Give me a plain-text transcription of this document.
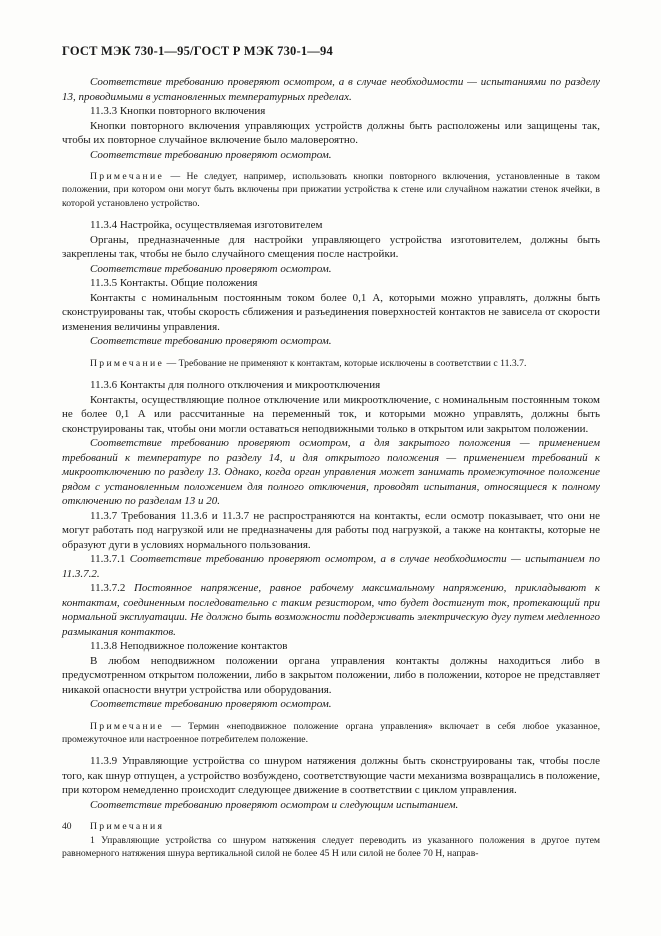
ГОСТ МЭК 730-1—95/ГОСТ Р МЭК 730-1—94

Соответствие требованию проверяют осмотром, а в случае необходимости — испытаниями по разделу 13, проводимыми в установленных температурных пределах.

11.3.3 Кнопки повторного включения

Кнопки повторного включения управляющих устройств должны быть расположены или защищены так, чтобы их повторное случайное включение было маловероятно.

Соответствие требованию проверяют осмотром.

Примечание — Не следует, например, использовать кнопки повторного включения, установленные в таком положении, при котором они могут быть включены при прижатии устройства к стене или случайном нажатии стенок ячейки, в которой установлено устройство.

11.3.4 Настройка, осуществляемая изготовителем

Органы, предназначенные для настройки управляющего устройства изготовителем, должны быть закреплены так, чтобы не было случайного смещения после настройки.

Соответствие требованию проверяют осмотром.

11.3.5 Контакты. Общие положения

Контакты с номинальным постоянным током более 0,1 А, которыми можно управлять, должны быть сконструированы так, чтобы скорость сближения и разъединения поверхностей контактов не зависела от скорости изменения величины управления.

Соответствие требованию проверяют осмотром.

Примечание — Требование не применяют к контактам, которые исключены в соответствии с 11.3.7.

11.3.6 Контакты для полного отключения и микроотключения

Контакты, осуществляющие полное отключение или микроотключение, с номинальным постоянным током не более 0,1 А или рассчитанные на переменный ток, и которыми можно управлять, должны быть сконструированы так, чтобы они могли оставаться неподвижными только в открытом или закрытом положении.

Соответствие требованию проверяют осмотром, а для закрытого положения — применением требований к температуре по разделу 14, и для открытого положения — применением требований к микроотключению по разделу 13. Однако, когда орган управления может занимать промежуточное положение рядом с установленным положением для полного отключения, проводят испытания, относящиеся к полному отключению по разделам 13 и 20.

11.3.7 Требования 11.3.6 и 11.3.7 не распространяются на контакты, если осмотр показывает, что они не могут работать под нагрузкой или не предназначены для работы под нагрузкой, а также на контакты, которые не образуют дуги в условиях нормального пользования.

11.3.7.1 Соответствие требованию проверяют осмотром, а в случае необходимости — испытанием по 11.3.7.2.

11.3.7.2 Постоянное напряжение, равное рабочему максимальному напряжению, прикладывают к контактам, соединенным последовательно с таким резистором, что будет достигнут ток, протекающий при нормальной эксплуатации. Не должно быть возможности поддерживать электрическую дугу путем медленного размыкания контактов.

11.3.8 Неподвижное положение контактов

В любом неподвижном положении органа управления контакты должны находиться либо в предусмотренном открытом положении, либо в закрытом положении, либо в положении, которое не представляет никакой опасности внутри устройства или оборудования.

Соответствие требованию проверяют осмотром.

Примечание — Термин «неподвижное положение органа управления» включает в себя любое указанное, промежуточное или настроенное потребителем положение.

11.3.9 Управляющие устройства со шнуром натяжения должны быть сконструированы так, чтобы после того, как шнур отпущен, а устройство возбуждено, соответствующие части механизма возвращались в положение, при котором немедленно происходит следующее движение в соответствии с циклом управления.

Соответствие требованию проверяют осмотром и следующим испытанием.

Примечания

1 Управляющие устройства со шнуром натяжения следует переводить из указанного положения в другое путем равномерного натяжения шнура вертикальной силой не более 45 Н или силой не более 70 Н, направ-

40
